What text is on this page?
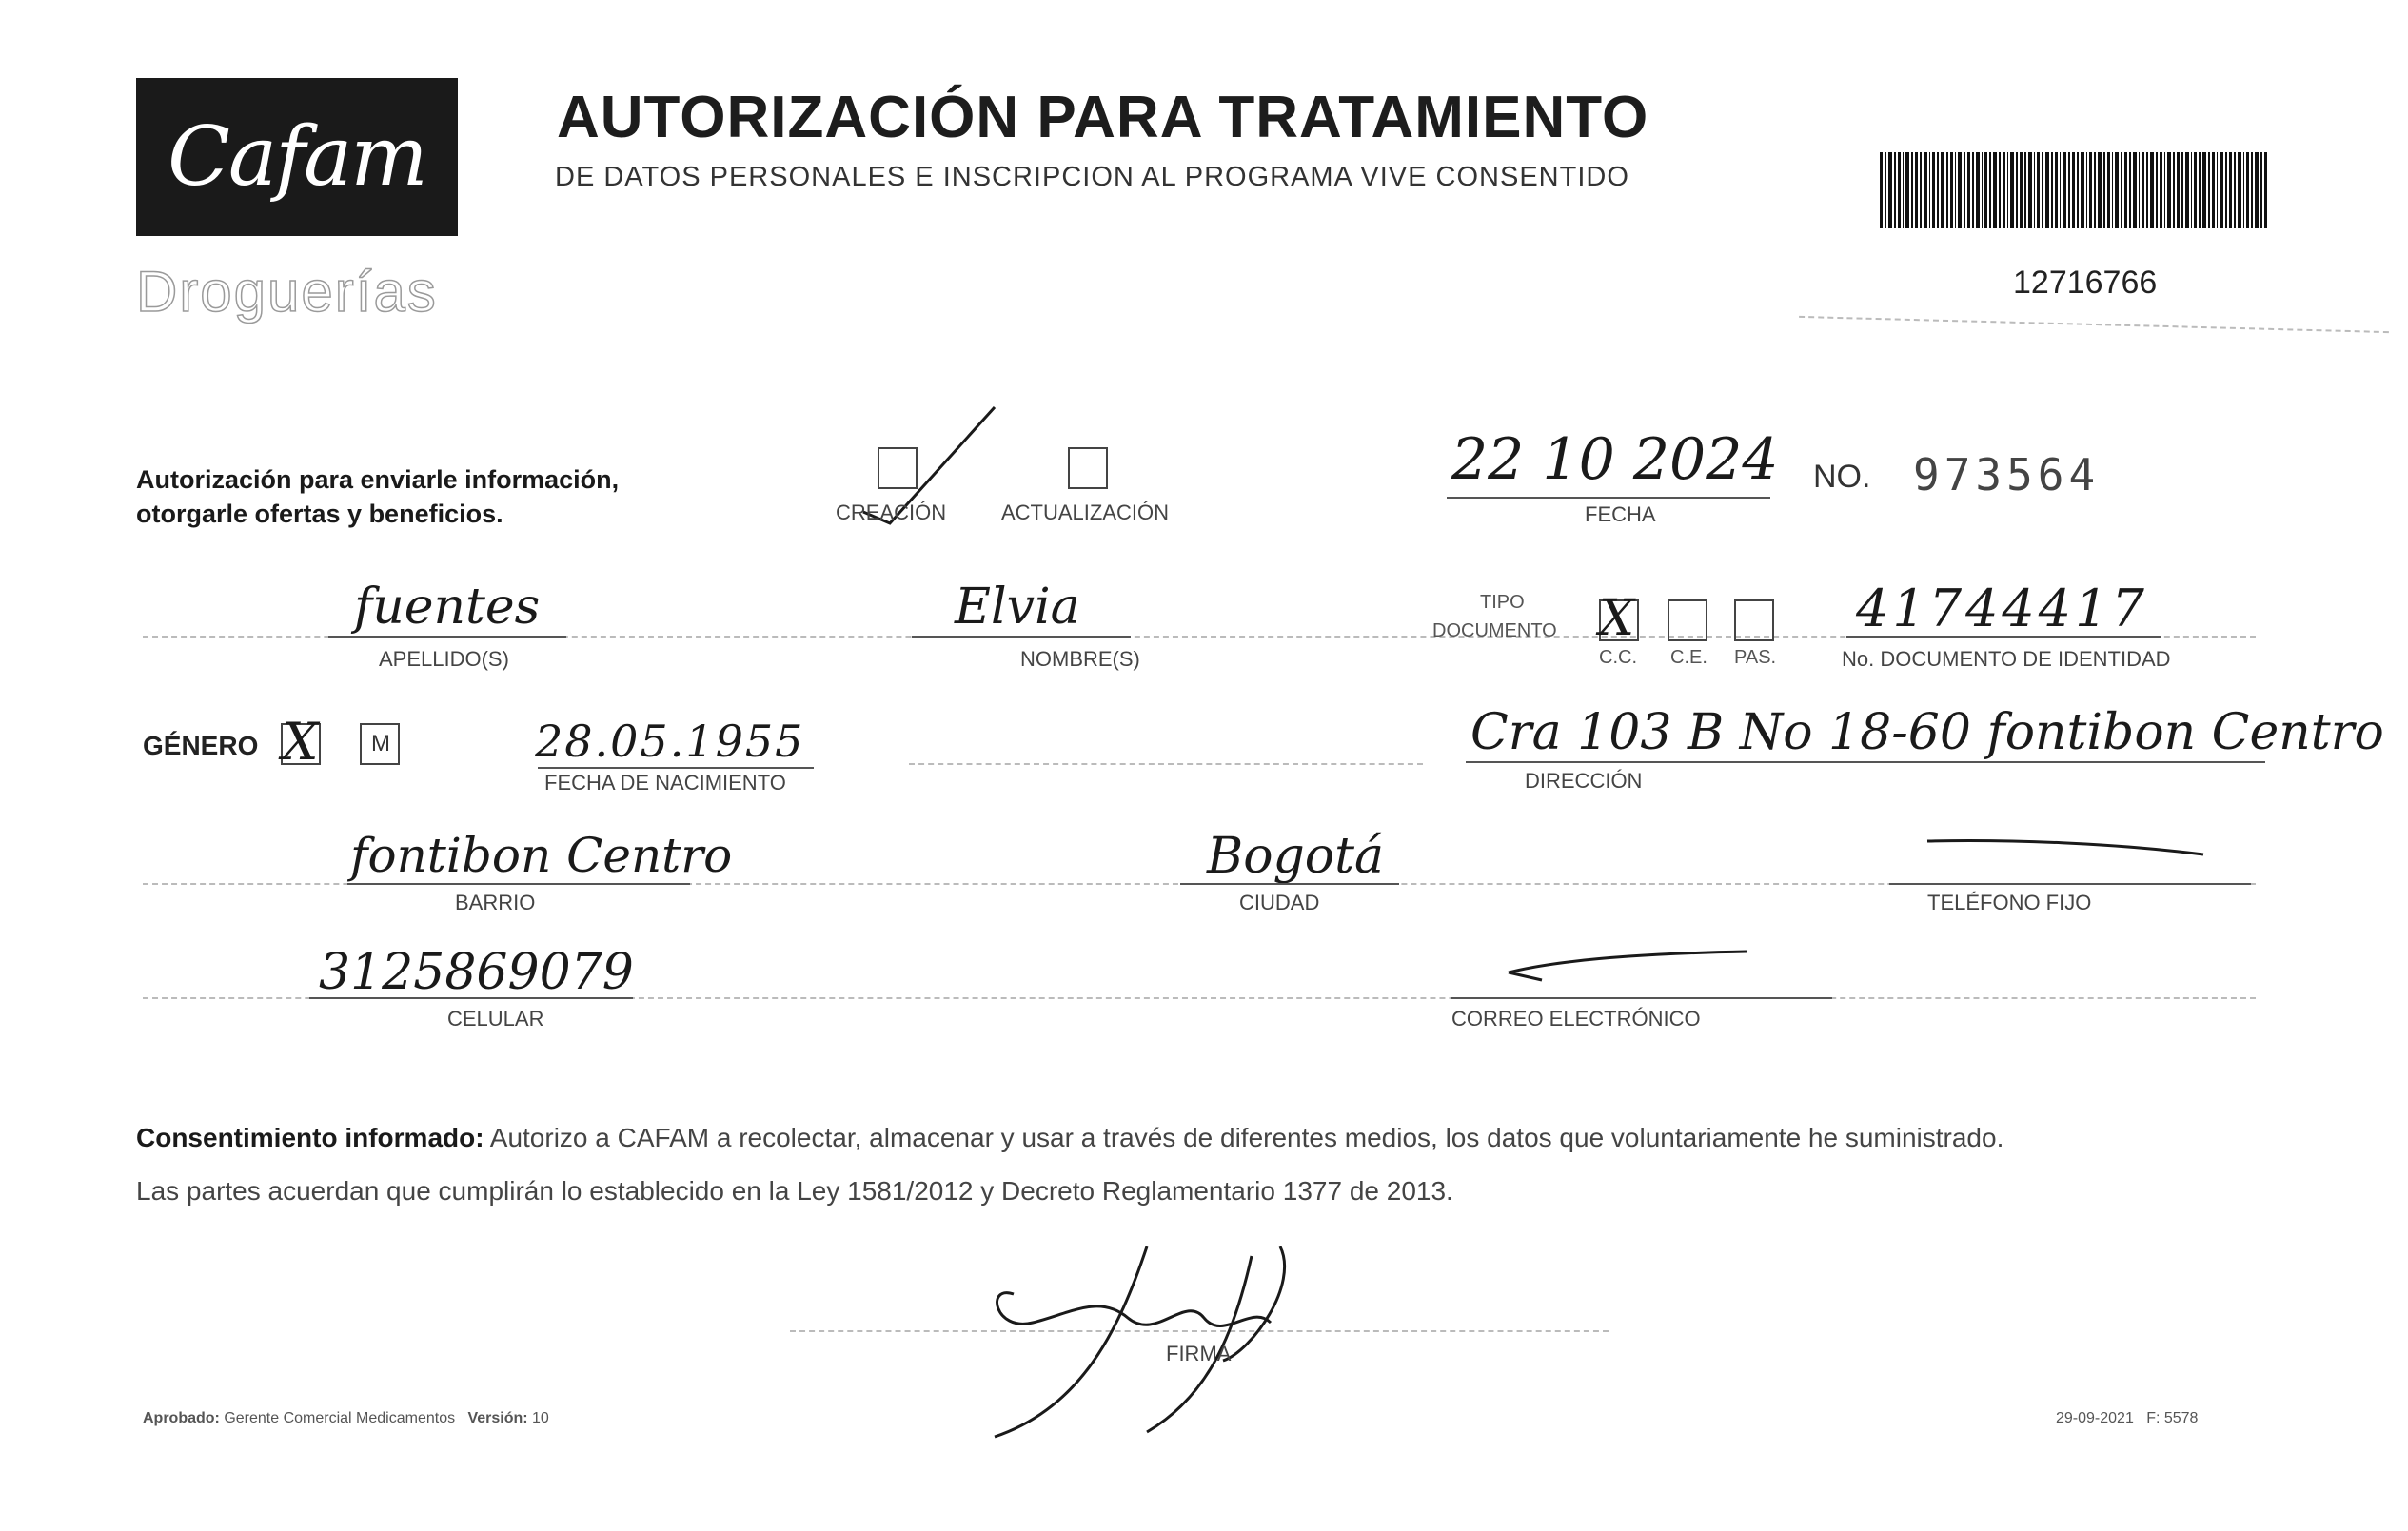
Cafam
Droguerías
AUTORIZACIÓN PARA TRATAMIENTO
DE DATOS PERSONALES E INSCRIPCION AL PROGRAMA VIVE CONSENTIDO
12716766
Autorización para enviarle información,
otorgarle ofertas y beneficios.	CREACIÓN	ACTUALIZACIÓN
22 10 2024
FECHA
NO. 973564
fuentes
APELLIDO(S)
Elvia
NOMBRE(S)
TIPO
DOCUMENTO X
C.C. C.E. PAS.
41744417
No. DOCUMENTO DE IDENTIDAD
GÉNERO X M	28.05.1955
FECHA DE NACIMIENTO
Cra 103 B No 18-60 fontibon Centro
DIRECCIÓN
fontibon Centro
BARRIO
Bogotá
CIUDAD	TELÉFONO FIJO
3125869079
CELULAR	CORREO ELECTRÓNICO
Consentimiento informado: Autorizo a CAFAM a recolectar, almacenar y usar a través de diferentes medios, los datos que voluntariamente he suministrado.
Las partes acuerdan que cumplirán lo establecido en la Ley 1581/2012 y Decreto Reglamentario 1377 de 2013.
FIRMA
Aprobado: Gerente Comercial Medicamentos Versión: 10	29-09-2021 F: 5578
